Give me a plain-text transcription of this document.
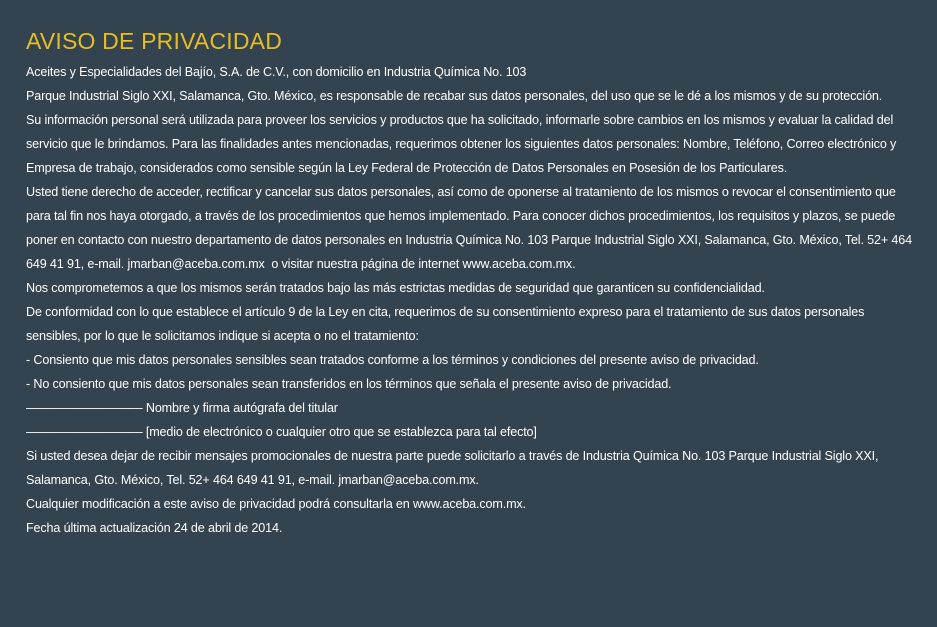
AVISO DE PRIVACIDAD

Aceites y Especialidades del Bajío, S.A. de C.V., con domicilio en Industria Química No. 103

Parque Industrial Siglo XXI, Salamanca, Gto. México, es responsable de recabar sus datos personales, del uso que se le dé a los mismos y de su protección.

Su información personal será utilizada para proveer los servicios y productos que ha solicitado, informarle sobre cambios en los mismos y evaluar la calidad del servicio que le brindamos. Para las finalidades antes mencionadas, requerimos obtener los siguientes datos personales: Nombre, Teléfono, Correo electrónico y Empresa de trabajo, considerados como sensible según la Ley Federal de Protección de Datos Personales en Posesión de los Particulares.

Usted tiene derecho de acceder, rectificar y cancelar sus datos personales, así como de oponerse al tratamiento de los mismos o revocar el consentimiento que para tal fin nos haya otorgado, a través de los procedimientos que hemos implementado. Para conocer dichos procedimientos, los requisitos y plazos, se puede poner en contacto con nuestro departamento de datos personales en Industria Química No. 103 Parque Industrial Siglo XXI, Salamanca, Gto. México, Tel. 52+ 464 649 41 91, e-mail. jmarban@aceba.com.mx  o visitar nuestra página de internet www.aceba.com.mx.

Nos comprometemos a que los mismos serán tratados bajo las más estrictas medidas de seguridad que garanticen su confidencialidad.

De conformidad con lo que establece el artículo 9 de la Ley en cita, requerimos de su consentimiento expreso para el tratamiento de sus datos personales sensibles, por lo que le solicitamos indique si acepta o no el tratamiento:

- Consiento que mis datos personales sensibles sean tratados conforme a los términos y condiciones del presente aviso de privacidad.

- No consiento que mis datos personales sean transferidos en los términos que señala el presente aviso de privacidad.

––––––––––––––––– Nombre y firma autógrafa del titular

––––––––––––––––– [medio de electrónico o cualquier otro que se establezca para tal efecto]

Si usted desea dejar de recibir mensajes promocionales de nuestra parte puede solicitarlo a través de Industria Química No. 103 Parque Industrial Siglo XXI, Salamanca, Gto. México, Tel. 52+ 464 649 41 91, e-mail. jmarban@aceba.com.mx.

Cualquier modificación a este aviso de privacidad podrá consultarla en www.aceba.com.mx.

Fecha última actualización 24 de abril de 2014.
